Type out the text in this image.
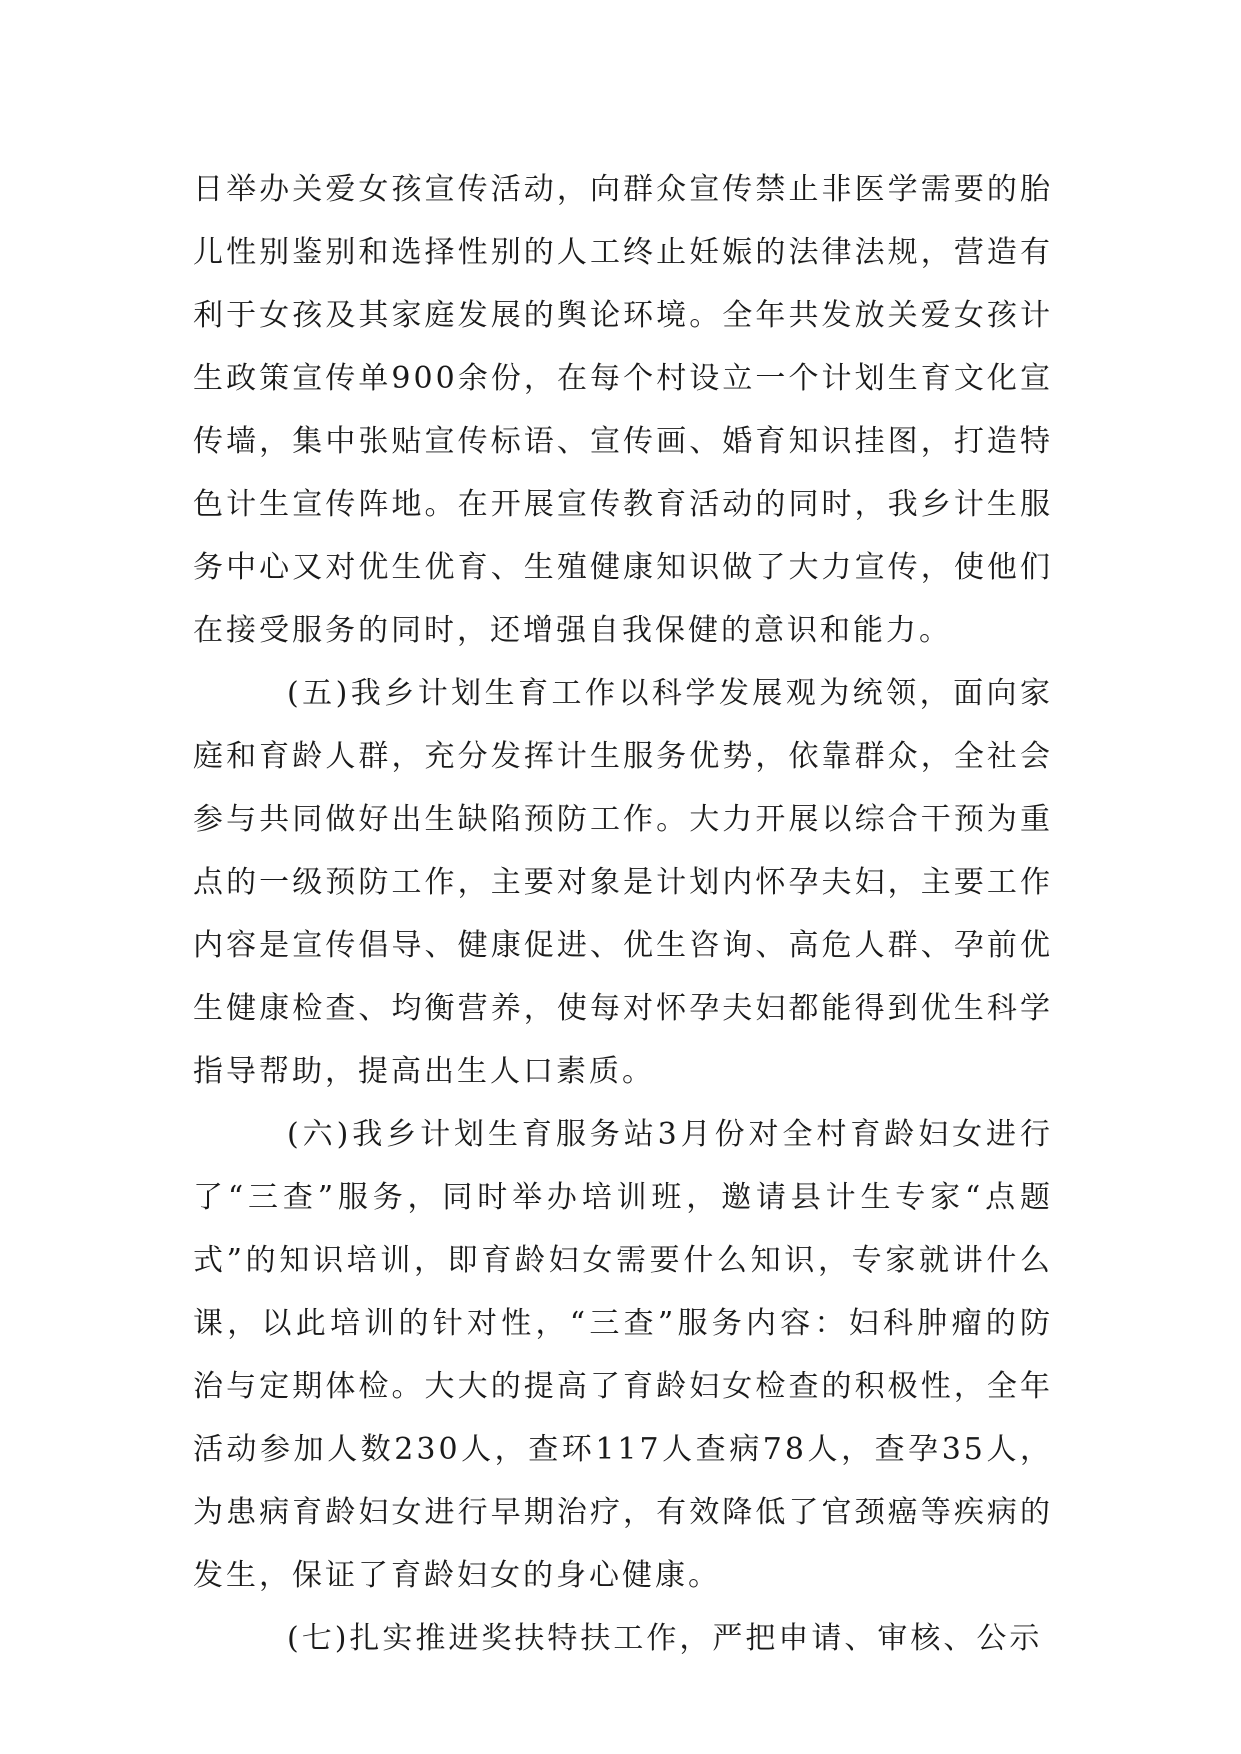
日举办关爱女孩宣传活动，向群众宣传禁止非医学需要的胎儿性别鉴别和选择性别的人工终止妊娠的法律法规，营造有利于女孩及其家庭发展的舆论环境。全年共发放关爱女孩计生政策宣传单900余份，在每个村设立一个计划生育文化宣传墙，集中张贴宣传标语、宣传画、婚育知识挂图，打造特色计生宣传阵地。在开展宣传教育活动的同时，我乡计生服务中心又对优生优育、生殖健康知识做了大力宣传，使他们在接受服务的同时，还增强自我保健的意识和能力。

(五)我乡计划生育工作以科学发展观为统领，面向家庭和育龄人群，充分发挥计生服务优势，依靠群众，全社会参与共同做好出生缺陷预防工作。大力开展以综合干预为重点的一级预防工作，主要对象是计划内怀孕夫妇，主要工作内容是宣传倡导、健康促进、优生咨询、高危人群、孕前优生健康检查、均衡营养，使每对怀孕夫妇都能得到优生科学指导帮助，提高出生人口素质。

(六)我乡计划生育服务站3月份对全村育龄妇女进行了“三查”服务，同时举办培训班，邀请县计生专家“点题式”的知识培训，即育龄妇女需要什么知识，专家就讲什么课，以此培训的针对性，“三查”服务内容：妇科肿瘤的防治与定期体检。大大的提高了育龄妇女检查的积极性，全年活动参加人数230人，查环117人查病78人，查孕35人，为患病育龄妇女进行早期治疗，有效降低了官颈癌等疾病的发生，保证了育龄妇女的身心健康。

(七)扎实推进奖扶特扶工作，严把申请、审核、公示
